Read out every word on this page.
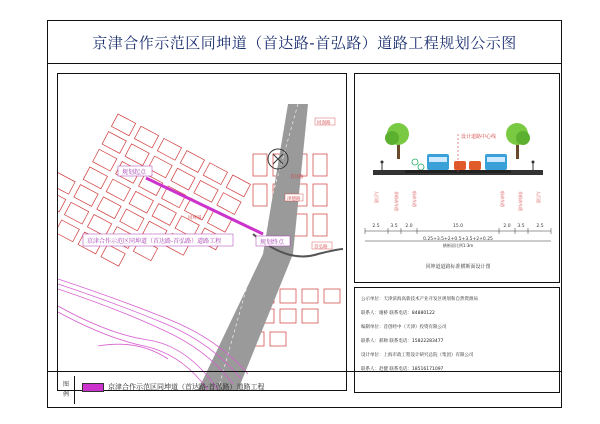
京津合作示范区同坤道（首达路-首弘路）道路工程规划公示图
规划起点
规划终点
京津合作示范区同坤道（首达路-首弘路）道路工程
同润路
首弘路
津德路
首达路
同坤道
设计道路中心线
人行道	非机动车道	机动车道	机动车道	非机动车道	人行道
2.5 3.5 2.0	15.0	2.0 3.5	2.5
0.25+3.5+2+0.5+3.5+2+0.25
横断面比例1:3m
同坤道道路标准横断面设计图
公示单位：天津滨海高新技术产业开发区规划和自然资源局
联系人：谢桥 联系电话：84880122
编制单位：首创经中（天津）投资有限公司
联系人：郝帅 联系电话：15822283477
设计单位：上海市政工程设计研究总院（集团）有限公司
联系人：赵健 联系电话：18516171097
图例
京津合作示范区同坤道（首达路-首弘路）道路工程
